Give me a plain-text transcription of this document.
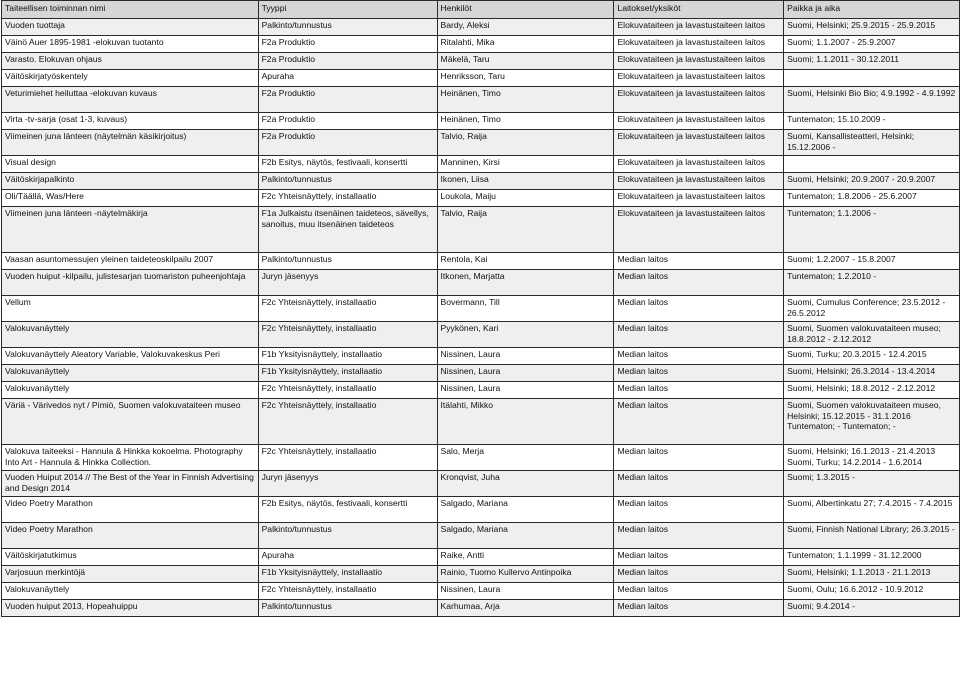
Taiteellisen toiminnan nimi	Tyyppi	Henkilöt	Laitokset/yksiköt	Paikka ja aika
Vuoden tuottaja	Palkinto/tunnustus	Bardy, Aleksi	Elokuvataiteen ja lavastustaiteen laitos	Suomi, Helsinki; 25.9.2015 - 25.9.2015
Väinö Auer 1895-1981 -elokuvan tuotanto	F2a Produktio	Ritalahti, Mika	Elokuvataiteen ja lavastustaiteen laitos	Suomi; 1.1.2007 - 25.9.2007
Varasto. Elokuvan ohjaus	F2a Produktio	Mäkelä, Taru	Elokuvataiteen ja lavastustaiteen laitos	Suomi; 1.1.2011 - 30.12.2011
Väitöskirjatyöskentely	Apuraha	Henriksson, Taru	Elokuvataiteen ja lavastustaiteen laitos	
Veturimiehet heiluttaa -elokuvan kuvaus	F2a Produktio	Heinänen, Timo	Elokuvataiteen ja lavastustaiteen laitos	Suomi, Helsinki Bio Bio; 4.9.1992 - 4.9.1992
Virta -tv-sarja (osat 1-3, kuvaus)	F2a Produktio	Heinänen, Timo	Elokuvataiteen ja lavastustaiteen laitos	Tuntematon; 15.10.2009 -
Viimeinen juna länteen (näytelmän käsikirjoitus)	F2a Produktio	Talvio, Raija	Elokuvataiteen ja lavastustaiteen laitos	Suomi, Kansallisteatteri, Helsinki; 15.12.2006 -
Visual design	F2b Esitys, näytös, festivaali, konsertti	Manninen, Kirsi	Elokuvataiteen ja lavastustaiteen laitos	
Väitöskirjapalkinto	Palkinto/tunnustus	Ikonen, Liisa	Elokuvataiteen ja lavastustaiteen laitos	Suomi, Helsinki; 20.9.2007 - 20.9.2007
Oli/Täällä, Was/Here	F2c Yhteisnäyttely, installaatio	Loukola, Maiju	Elokuvataiteen ja lavastustaiteen laitos	Tuntematon; 1.8.2006 - 25.6.2007
Viimeinen juna länteen -näytelmäkirja	F1a Julkaistu itsenäinen taideteos, sävellys, sanoitus, muu itsenäinen taideteos	Talvio, Raija	Elokuvataiteen ja lavastustaiteen laitos	Tuntematon; 1.1.2006 -
Vaasan asuntomessujen yleinen taideteoskilpailu 2007	Palkinto/tunnustus	Rentola, Kai	Median laitos	Suomi; 1.2.2007 - 15.8.2007
Vuoden huiput -kilpailu, julistesarjan tuomariston puheenjohtaja	Juryn jäsenyys	Itkonen, Marjatta	Median laitos	Tuntematon; 1.2.2010 -
Vellum	F2c Yhteisnäyttely, installaatio	Bovermann, Till	Median laitos	Suomi, Cumulus Conference; 23.5.2012 - 26.5.2012
Valokuvanäyttely	F2c Yhteisnäyttely, installaatio	Pyykönen, Kari	Median laitos	Suomi, Suomen valokuvataiteen museo; 18.8.2012 - 2.12.2012
Valokuvanäyttely Aleatory Variable, Valokuvakeskus Peri	F1b Yksityisnäyttely, installaatio	Nissinen, Laura	Median laitos	Suomi, Turku; 20.3.2015 - 12.4.2015
Valokuvanäyttely	F1b Yksityisnäyttely, installaatio	Nissinen, Laura	Median laitos	Suomi, Helsinki; 26.3.2014 - 13.4.2014
Valokuvanäyttely	F2c Yhteisnäyttely, installaatio	Nissinen, Laura	Median laitos	Suomi, Helsinki; 18.8.2012 - 2.12.2012
Väriä - Värivedos nyt / Pimiö, Suomen valokuvataiteen museo	F2c Yhteisnäyttely, installaatio	Itälahti, Mikko	Median laitos	Suomi, Suomen valokuvataiteen museo, Helsinki; 15.12.2015 - 31.1.2016 Tuntematon; - Tuntematon; -
Valokuva taiteeksi - Hannula & Hinkka kokoelma. Photography Into Art - Hannula & Hinkka Collection.	F2c Yhteisnäyttely, installaatio	Salo, Merja	Median laitos	Suomi, Helsinki; 16.1.2013 - 21.4.2013 Suomi, Turku; 14.2.2014 - 1.6.2014
Vuoden Huiput 2014 // The Best of the Year in Finnish Advertising and Design 2014	Juryn jäsenyys	Kronqvist, Juha	Median laitos	Suomi; 1.3.2015 -
Video Poetry Marathon	F2b Esitys, näytös, festivaali, konsertti	Salgado, Mariana	Median laitos	Suomi, Albertinkatu 27; 7.4.2015 - 7.4.2015
Video Poetry Marathon	Palkinto/tunnustus	Salgado, Mariana	Median laitos	Suomi, Finnish National Library; 26.3.2015 -
Väitöskirjatutkimus	Apuraha	Raike, Antti	Median laitos	Tuntematon; 1.1.1999 - 31.12.2000
Varjosuun merkintöjä	F1b Yksityisnäyttely, installaatio	Rainio, Tuomo Kullervo Antinpoika	Median laitos	Suomi, Helsinki; 1.1.2013 - 21.1.2013
Valokuvanäyttely	F2c Yhteisnäyttely, installaatio	Nissinen, Laura	Median laitos	Suomi, Oulu; 16.6.2012 - 10.9.2012
Vuoden huiput 2013, Hopeahuippu	Palkinto/tunnustus	Karhumaa, Arja	Median laitos	Suomi; 9.4.2014 -
